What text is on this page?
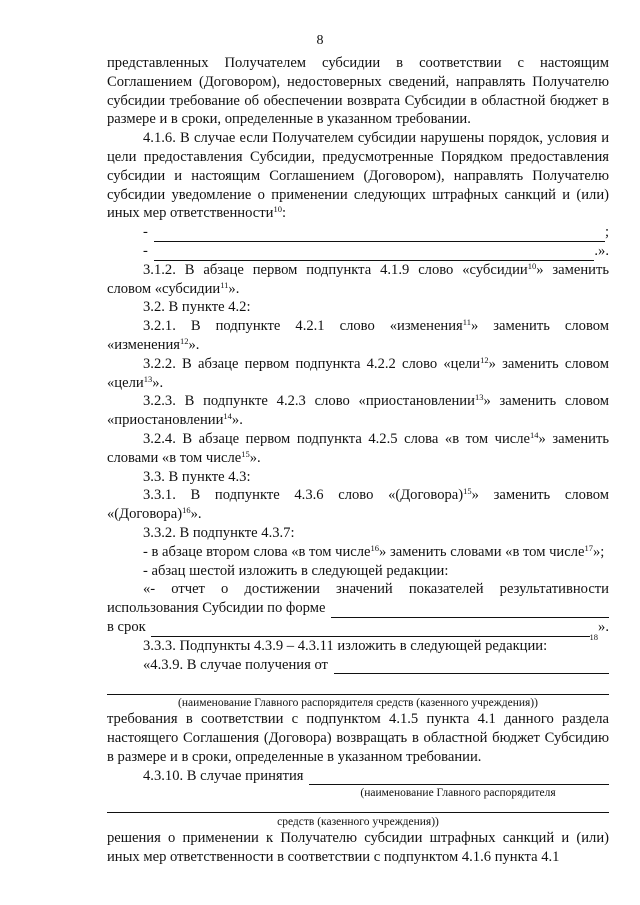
8

представленных Получателем субсидии в соответствии с настоящим Соглашением (Договором), недостоверных сведений, направлять Получателю субсидии требование об обеспечении возврата Субсидии в областной бюджет в размере и в сроки, определенные в указанном требовании.

4.1.6. В случае если Получателем субсидии нарушены порядок, условия и цели предоставления Субсидии, предусмотренные Порядком предоставления субсидии и настоящим Соглашением (Договором), направлять Получателю субсидии уведомление о применении следующих штрафных санкций и (или) иных мер ответственности$^{10}$:

-	;
-	.».

3.1.2. В абзаце первом подпункта 4.1.9 слово «субсидии$^{10}$» заменить словом «субсидии$^{11}$».

3.2. В пункте 4.2:

3.2.1. В подпункте 4.2.1 слово «изменения$^{11}$» заменить словом «изменения$^{12}$».

3.2.2. В абзаце первом подпункта 4.2.2 слово «цели$^{12}$» заменить словом «цели$^{13}$».

3.2.3. В подпункте 4.2.3 слово «приостановлении$^{13}$» заменить словом «приостановлении$^{14}$».

3.2.4. В абзаце первом подпункта 4.2.5 слова «в том числе$^{14}$» заменить словами «в том числе$^{15}$».

3.3. В пункте 4.3:

3.3.1. В подпункте 4.3.6 слово «(Договора)$^{15}$» заменить словом «(Договора)$^{16}$».

3.3.2. В подпункте 4.3.7:

- в абзаце втором слова «в том числе$^{16}$» заменить словами «в том числе$^{17}$»;

- абзац шестой изложить в следующей редакции:

«- отчет о достижении значений показателей результативности

использования Субсидии по форме
в срок
18
».

3.3.3. Подпункты 4.3.9 – 4.3.11 изложить в следующей редакции:

«4.3.9. В случае получения от
(наименование Главного распорядителя средств (казенного учреждения))

требования в соответствии с подпунктом 4.1.5 пункта 4.1 данного раздела настоящего Соглашения (Договора) возвращать в областной бюджет Субсидию в размере и в сроки, определенные в указанном требовании.

4.3.10. В случае принятия
(наименование Главного распорядителя
средств (казенного учреждения))

решения о применении к Получателю субсидии штрафных санкций и (или) иных мер ответственности в соответствии с подпунктом 4.1.6 пункта 4.1
